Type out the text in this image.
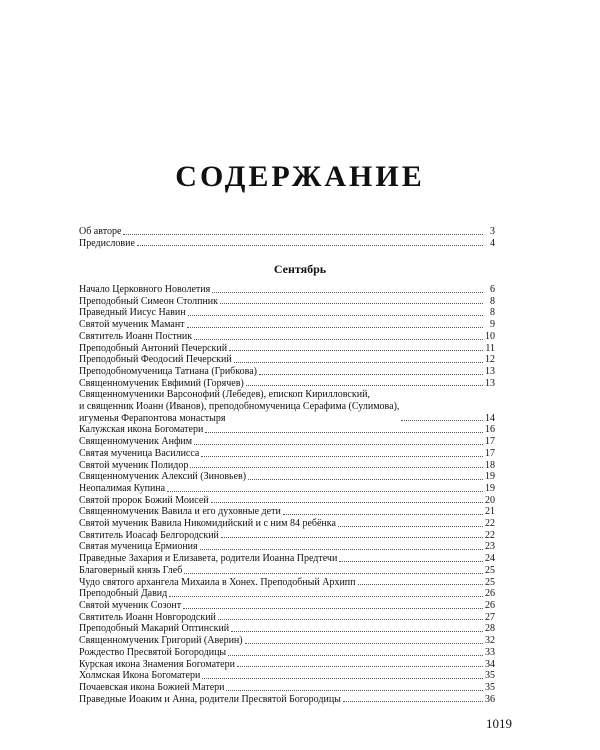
СОДЕРЖАНИЕ
Об авторе	3
Предисловие	4
Сентябрь
Начало Церковного Новолетия	6
Преподобный Симеон Столпник	8
Праведный Иисус Навин	8
Святой мученик Мамант	9
Святитель Иоанн Постник	10
Преподобный Антоний Печерский	11
Преподобный Феодосий Печерский	12
Преподобномученица Татиана (Грибкова)	13
Священномученик Евфимий (Горячев)	13
Священномученики Варсонофий (Лебедев), епископ Кирилловский,
и священник Иоанн (Иванов), преподобномученица Серафима (Сулимова),
игуменья Ферапонтова монастыря	14
Калужская икона Богоматери	16
Священномученик Анфим	17
Святая мученица Василисса	17
Святой мученик Полидор	18
Священномученик Алексий (Зиновьев)	19
Неопалимая Купина	19
Святой пророк Божий Моисей	20
Священномученик Вавила и его духовные дети	21
Святой мученик Вавила Никомидийский и с ним 84 ребёнка	22
Святитель Иоасаф Белгородский	22
Святая мученица Ермиония	23
Праведные Захария и Елизавета, родители Иоанна Предтечи	24
Благоверный князь Глеб	25
Чудо святого архангела Михаила в Хонех. Преподобный Архипп	25
Преподобный Давид	26
Святой мученик Созонт	26
Святитель Иоанн Новгородский	27
Преподобный Макарий Оптинский	28
Священномученик Григорий (Аверин)	32
Рождество Пресвятой Богородицы	33
Курская икона Знамения Богоматери	34
Холмская Икона Богоматери	35
Почаевская икона Божией Матери	35
Праведные Иоаким и Анна, родители Пресвятой Богородицы	36
1019
